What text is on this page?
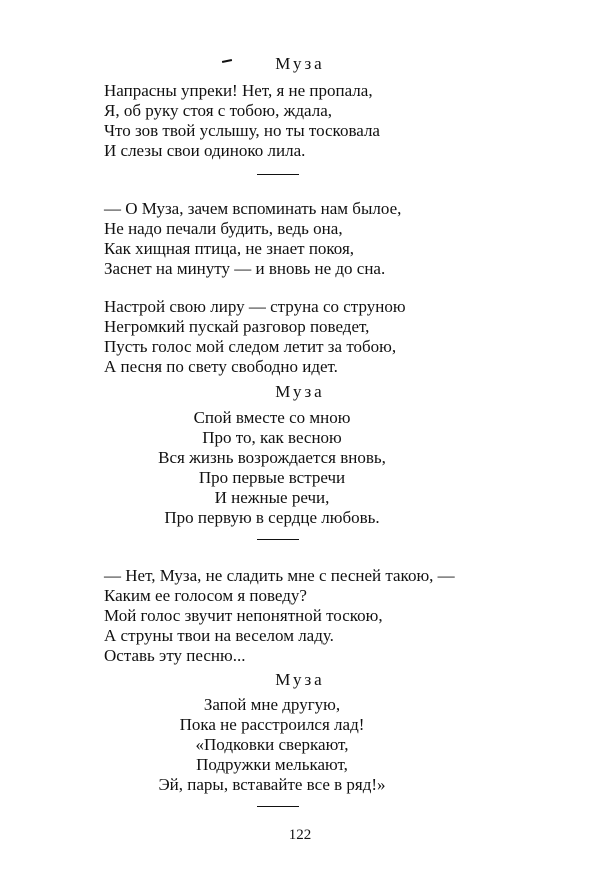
Муза
Напрасны упреки! Нет, я не пропала,
Я, об руку стоя с тобою, ждала,
Что зов твой услышу, но ты тосковала
И слезы свои одиноко лила.
— О Муза, зачем вспоминать нам былое,
Не надо печали будить, ведь она,
Как хищная птица, не знает покоя,
Заснет на минуту — и вновь не до сна.
Настрой свою лиру — струна со струною
Негромкий пускай разговор поведет,
Пусть голос мой следом летит за тобою,
А песня по свету свободно идет.
Муза
Спой вместе со мною
Про то, как весною
Вся жизнь возрождается вновь,
Про первые встречи
И нежные речи,
Про первую в сердце любовь.
— Нет, Муза, не сладить мне с песней такою, —
Каким ее голосом я поведу?
Мой голос звучит непонятной тоскою,
А струны твои на веселом ладу.
Оставь эту песню...
Муза
Запой мне другую,
Пока не расстроился лад!
«Подковки сверкают,
Подружки мелькают,
Эй, пары, вставайте все в ряд!»
122
